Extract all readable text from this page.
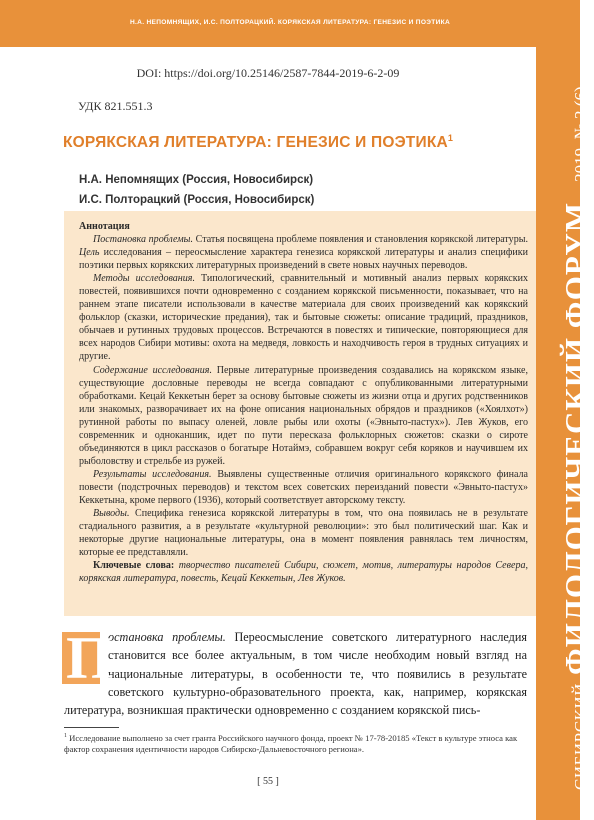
Н.А. НЕПОМНЯЩИХ, И.С. ПОЛТОРАЦКИЙ. КОРЯКСКАЯ ЛИТЕРАТУРА: ГЕНЕЗИС И ПОЭТИКА
СИБИРСКИЙ
ФИЛОЛОГИЧЕСКИЙ ФОРУМ
2019. № 2 (6)
DOI: https://doi.org/10.25146/2587-7844-2019-6-2-09
УДК 821.551.3
КОРЯКСКАЯ ЛИТЕРАТУРА: ГЕНЕЗИС И ПОЭТИКА$^1$
Н.А. Непомнящих (Россия, Новосибирск)
И.С. Полторацкий (Россия, Новосибирск)

Аннотация

Постановка проблемы. Статья посвящена проблеме появления и становления корякской литературы. Цель исследования – переосмысление характера генезиса корякской литературы и анализ специфики поэтики первых корякских литературных произведений в свете новых научных переводов.

Методы исследования. Типологический, сравнительный и мотивный анализ первых корякских повестей, появившихся почти одновременно с созданием корякской письменности, показывает, что на раннем этапе писатели использовали в качестве материала для своих произведений как корякский фольклор (сказки, исторические предания), так и бытовые сюжеты: описание традиций, праздников, обычаев и рутинных трудовых процессов. Встречаются в повестях и типические, повторяющиеся для всех народов Сибири мотивы: охота на медведя, ловкость и находчивость героя в трудных ситуациях и другие.

Содержание исследования. Первые литературные произведения создавались на корякском языке, существующие дословные переводы не всегда совпадают с опубликованными литературными обработками. Кецай Кеккетын берет за основу бытовые сюжеты из жизни отца и других родственников или знакомых, разворачивает их на фоне описания национальных обрядов и праздников («Хоялхот») рутинной работы по выпасу оленей, ловле рыбы или охоты («Эвныто-пастух»). Лев Жуков, его современник и одноканшик, идет по пути пересказа фольклорных сюжетов: сказки о сироте объединяются в цикл рассказов о богатыре Нотаймэ, собравшем вокруг себя коряков и научившем их рыболовству и стрельбе из ружей.

Результаты исследования. Выявлены существенные отличия оригинального корякского финала повести (подстрочных переводов) и текстом всех советских переизданий повести «Эвныто-пастух» Кеккетына, кроме первого (1936), который соответствует авторскому тексту.

Выводы. Специфика генезиса корякской литературы в том, что она появилась не в результате стадиального развития, а в результате «культурной революции»: это был политический шаг. Как и некоторые другие национальные литературы, она в момент появления равнялась тем личностям, которые ее представляли.

Ключевые слова: творчество писателей Сибири, сюжет, мотив, литературы народов Севера, корякская литература, повесть, Кецай Кеккетын, Лев Жуков.

П
остановка проблемы. Переосмысление советского литературного наследия становится все более актуальным, в том числе необходим новый взгляд на национальные литературы, в особенности те, что появились в результате советского культурно-образовательного проекта, как, например, корякская литература, возникшая практически одновременно с созданием корякской пись-
$^1$ Исследование выполнено за счет гранта Российского научного фонда, проект № 17-78-20185 «Текст в культуре этноса как фактор сохранения идентичности народов Сибирско-Дальневосточного региона».
[ 55 ]
